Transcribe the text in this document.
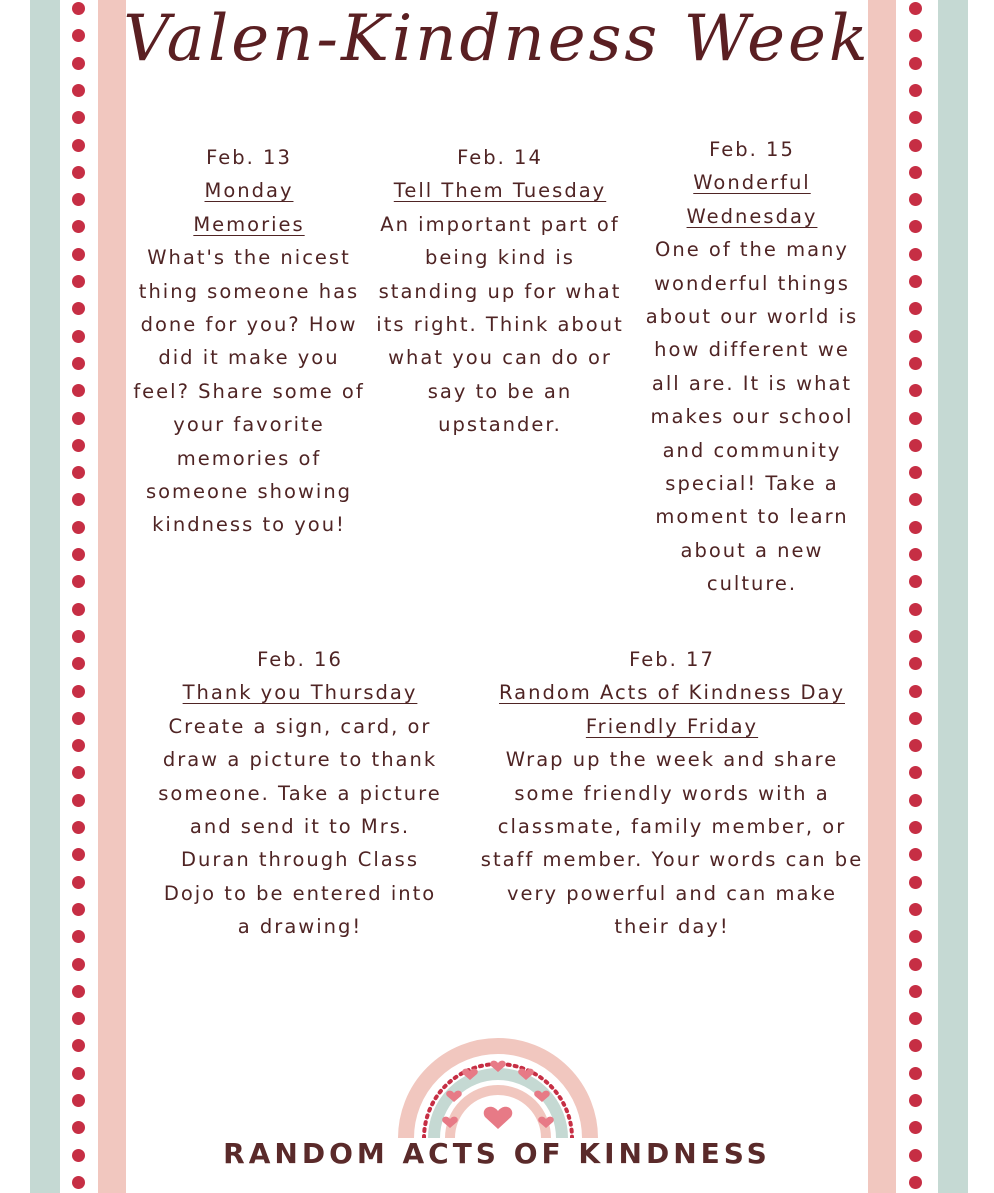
Valen-Kindness Week
Feb. 13
Monday Memories
What's the nicest thing someone has done for you? How did it make you feel? Share some of your favorite memories of someone showing kindness to you!
Feb. 14
Tell Them Tuesday
An important part of being kind is standing up for what its right. Think about what you can do or say to be an upstander.
Feb. 15
Wonderful Wednesday
One of the many wonderful things about our world is how different we all are. It is what makes our school and community special! Take a moment to learn about a new culture.
Feb. 16
Thank you Thursday
Create a sign, card, or draw a picture to thank someone. Take a picture and send it to Mrs. Duran through Class Dojo to be entered into a drawing!
Feb. 17
Random Acts of Kindness Day Friendly Friday
Wrap up the week and share some friendly words with a classmate, family member, or staff member. Your words can be very powerful and can make their day!
RANDOM ACTS OF KINDNESS
